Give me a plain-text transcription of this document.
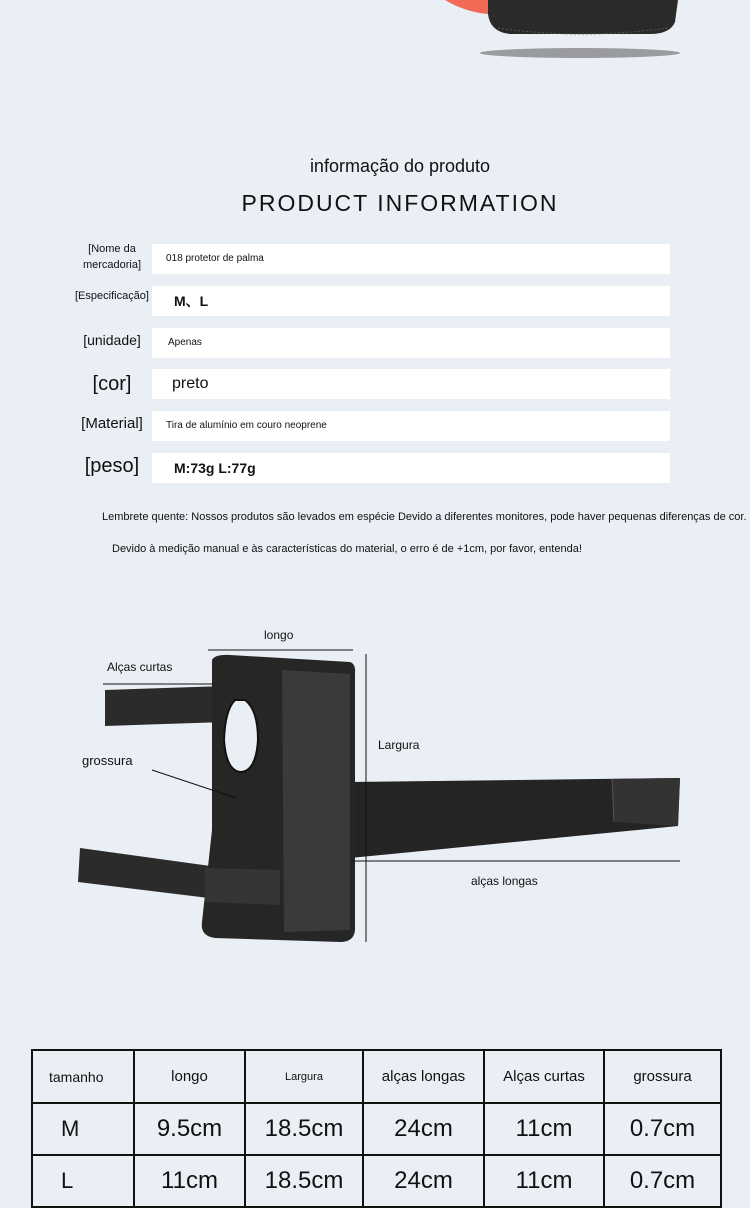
informação do produto
PRODUCT INFORMATION
[Nome da mercadoria]
018 protetor de palma
[Especificação]	M、L
[unidade]	Apenas
[cor]	preto
[Material]	Tira de alumínio em couro neoprene
[peso]	M:73g L:77g
Lembrete quente: Nossos produtos são levados em espécie Devido a diferentes monitores, pode haver pequenas diferenças de cor.
Devido à medição manual e às características do material, o erro é de +1cm, por favor, entenda!
longo
Alças curtas
grossura
Largura
alças longas
tamanho	longo	Largura	alças longas	Alças curtas	grossura
M	9.5cm	18.5cm	24cm	11cm	0.7cm
L	11cm	18.5cm	24cm	11cm	0.7cm
